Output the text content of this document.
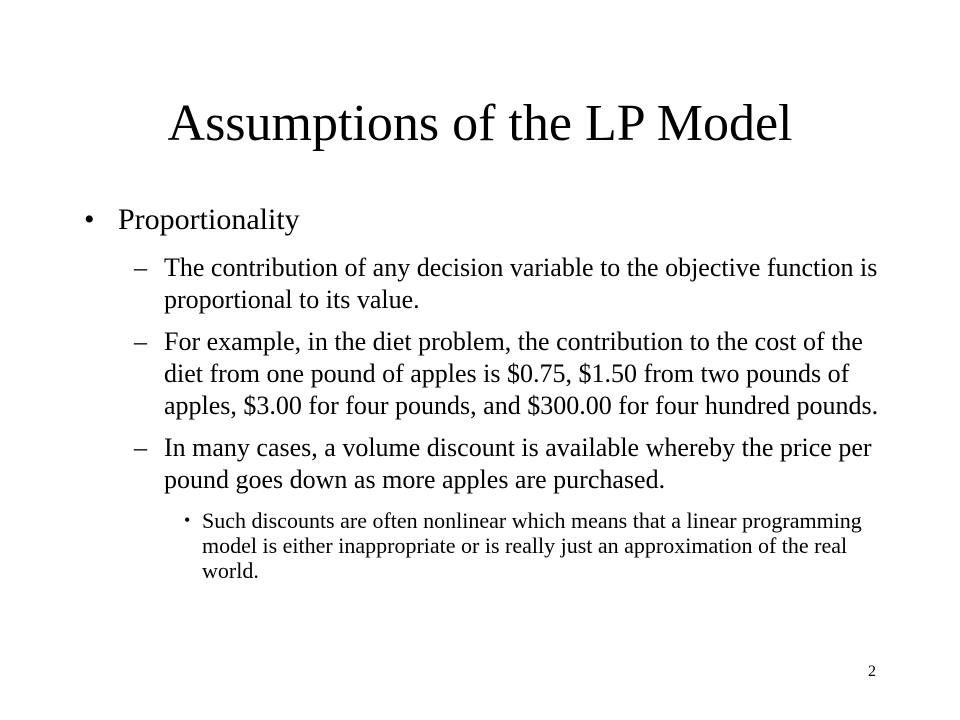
Assumptions of the LP Model
• Proportionality
– The contribution of any decision variable to the objective function is proportional to its value.
– For example, in the diet problem, the contribution to the cost of the diet from one pound of apples is $0.75, $1.50 from two pounds of apples, $3.00 for four pounds, and $300.00 for four hundred pounds.
– In many cases, a volume discount is available whereby the price per pound goes down as more apples are purchased.
• Such discounts are often nonlinear which means that a linear programming model is either inappropriate or is really just an approximation of the real world.
2
